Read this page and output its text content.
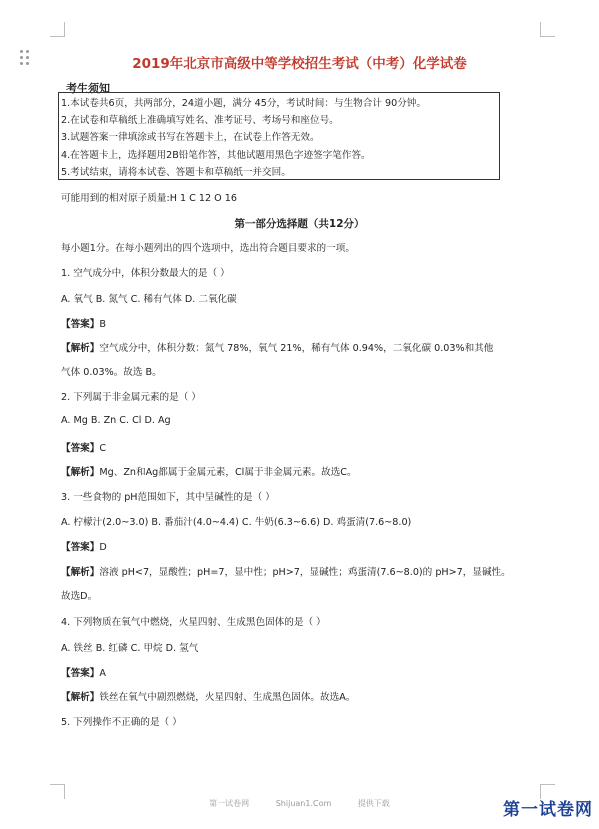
2019年北京市高级中等学校招生考试（中考）化学试卷
考生须知
1.本试卷共6页，共两部分，24道小题，满分 45分，考试时间：与生物合计 90分钟。
2.在试卷和草稿纸上准确填写姓名、准考证号、考场号和座位号。
3.试题答案一律填涂或书写在答题卡上，在试卷上作答无效。
4.在答题卡上，选择题用2B铅笔作答，其他试题用黑色字迹签字笔作答。
5.考试结束，请将本试卷、答题卡和草稿纸一并交回。
可能用到的相对原子质量:H 1 C 12 O 16
第一部分选择题（共12分）
每小题1分。在每小题列出的四个选项中，选出符合题目要求的一项。
1. 空气成分中，体积分数最大的是（ ）
A. 氧气 B. 氮气 C. 稀有气体 D. 二氧化碳
【答案】B
【解析】空气成分中，体积分数：氮气 78%，氧气 21%，稀有气体 0.94%，二氧化碳 0.03%和其他
气体 0.03%。故选 B。
2. 下列属于非金属元素的是（ ）
A. Mg B. Zn C. Cl D. Ag
【答案】C
【解析】Mg、Zn和Ag都属于金属元素，Cl属于非金属元素。故选C。
3. 一些食物的 pH范围如下，其中呈碱性的是（ ）
A. 柠檬汁(2.0~3.0) B. 番茄汁(4.0~4.4) C. 牛奶(6.3~6.6) D. 鸡蛋清(7.6~8.0)
【答案】D
【解析】溶液 pH<7，显酸性；pH=7，显中性；pH>7，显碱性；鸡蛋清(7.6~8.0)的 pH>7，显碱性。
故选D。
4. 下列物质在氧气中燃烧，火星四射、生成黑色固体的是（ ）
A. 铁丝 B. 红磷 C. 甲烷 D. 氢气
【答案】A
【解析】铁丝在氧气中剧烈燃烧，火星四射、生成黑色固体。故选A。
5. 下列操作不正确的是（ ）
第一试卷网	Shijuan1.Com	提供下载	第一试卷网
